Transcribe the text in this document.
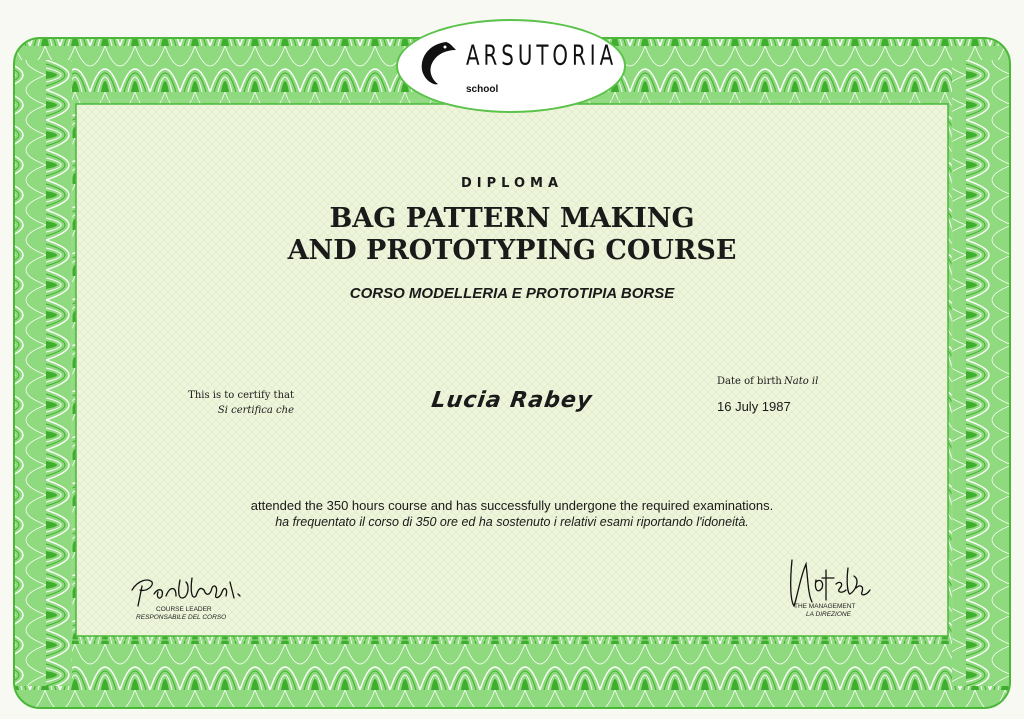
ARSUTORIA
school
DIPLOMA
BAG PATTERN MAKING
AND PROTOTYPING COURSE
CORSO MODELLERIA E PROTOTIPIA BORSE
This is to certify that
Si certifica che	Lucia Rabey
Date of birth Nato il
16 July 1987
attended the 350 hours course and has successfully undergone the required examinations.
ha frequentato il corso di 350 ore ed ha sostenuto i relativi esami riportando l'idoneità.
COURSE LEADER
RESPONSABILE DEL CORSO
THE MANAGEMENT
LA DIREZIONE
